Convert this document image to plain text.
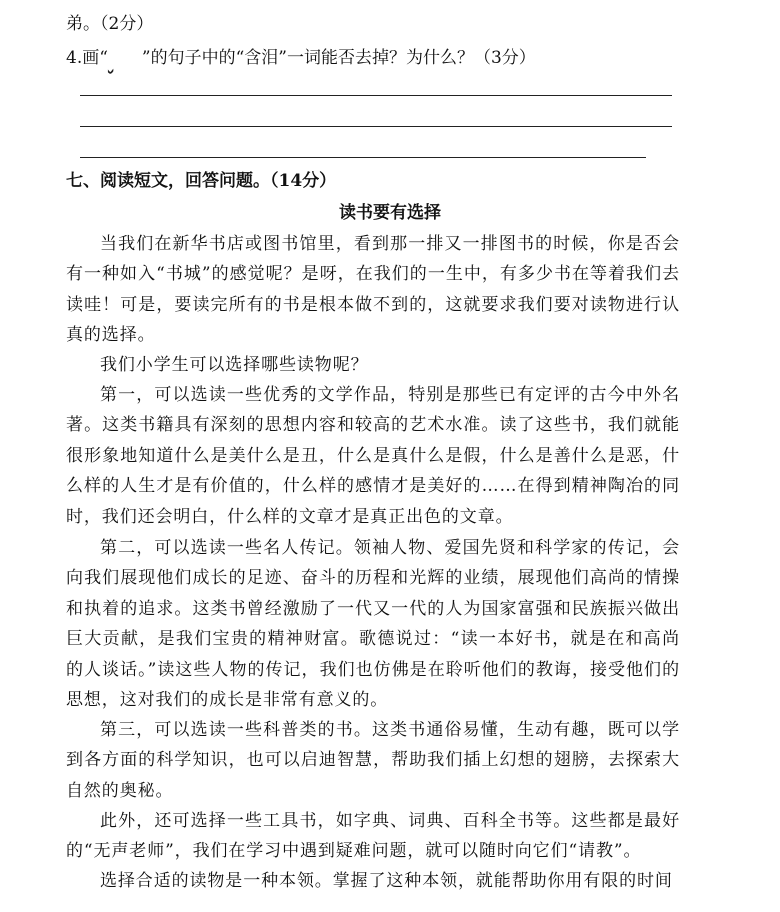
弟。（2分）
4.画“ ”的句子中的“含泪”一词能否去掉？为什么？（3分）
七、阅读短文，回答问题。（14分）
读书要有选择
当我们在新华书店或图书馆里，看到那一排又一排图书的时候，你是否会有一种如入“书城”的感觉呢？是呀，在我们的一生中，有多少书在等着我们去读哇！可是，要读完所有的书是根本做不到的，这就要求我们要对读物进行认真的选择。
我们小学生可以选择哪些读物呢？
第一，可以选读一些优秀的文学作品，特别是那些已有定评的古今中外名著。这类书籍具有深刻的思想内容和较高的艺术水准。读了这些书，我们就能很形象地知道什么是美什么是丑，什么是真什么是假，什么是善什么是恶，什么样的人生才是有价值的，什么样的感情才是美好的……在得到精神陶冶的同时，我们还会明白，什么样的文章才是真正出色的文章。
第二，可以选读一些名人传记。领袖人物、爱国先贤和科学家的传记，会向我们展现他们成长的足迹、奋斗的历程和光辉的业绩，展现他们高尚的情操和执着的追求。这类书曾经激励了一代又一代的人为国家富强和民族振兴做出巨大贡献，是我们宝贵的精神财富。歌德说过：“读一本好书，就是在和高尚的人谈话。”读这些人物的传记，我们也仿佛是在聆听他们的教诲，接受他们的思想，这对我们的成长是非常有意义的。
第三，可以选读一些科普类的书。这类书通俗易懂，生动有趣，既可以学到各方面的科学知识，也可以启迪智慧，帮助我们插上幻想的翅膀，去探索大自然的奥秘。
此外，还可选择一些工具书，如字典、词典、百科全书等。这些都是最好的“无声老师”，我们在学习中遇到疑难问题，就可以随时向它们“请教”。
选择合适的读物是一种本领。掌握了这种本领，就能帮助你用有限的时间
